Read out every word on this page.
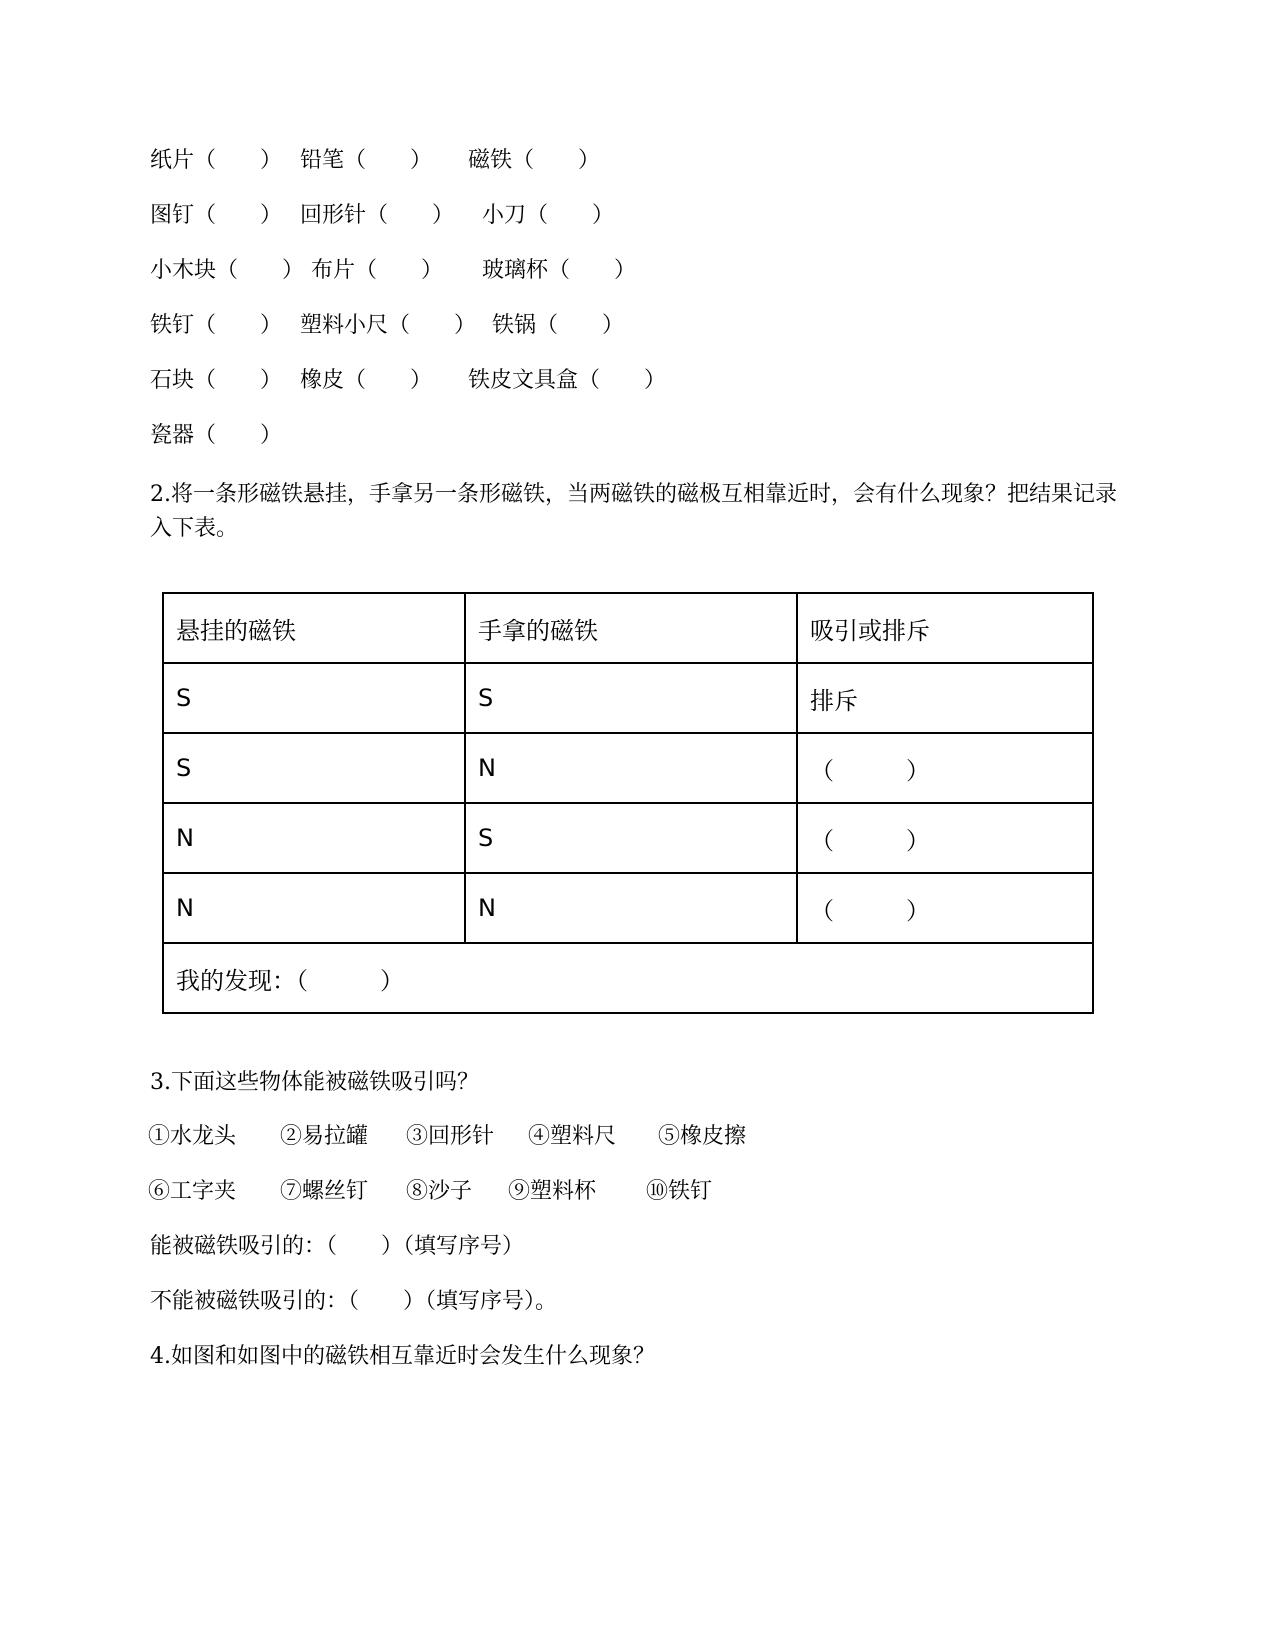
纸片（　　） 铅笔（　　） 磁铁（　　）
图钉（　　） 回形针（　　） 小刀（　　）
小木块（　　） 布片（　　） 玻璃杯（　　）
铁钉（　　） 塑料小尺（　　） 铁锅（　　）
石块（　　） 橡皮（　　） 铁皮文具盒（　　）
瓷器（　　）
2.将一条形磁铁悬挂，手拿另一条形磁铁，当两磁铁的磁极互相靠近时，会有什么现象？把结果记录入下表。
悬挂的磁铁	手拿的磁铁	吸引或排斥
S	S	排斥
S	N	（　　　）
N	S	（　　　）
N	N	（　　　）
我的发现：（　　　）		
3.下面这些物体能被磁铁吸引吗？
①水龙头 ②易拉罐 ③回形针 ④塑料尺 ⑤橡皮擦
⑥工字夹 ⑦螺丝钉 ⑧沙子 ⑨塑料杯 ⑩铁钉
能被磁铁吸引的：（　　）（填写序号）
不能被磁铁吸引的：（　　）（填写序号）。
4.如图和如图中的磁铁相互靠近时会发生什么现象？
